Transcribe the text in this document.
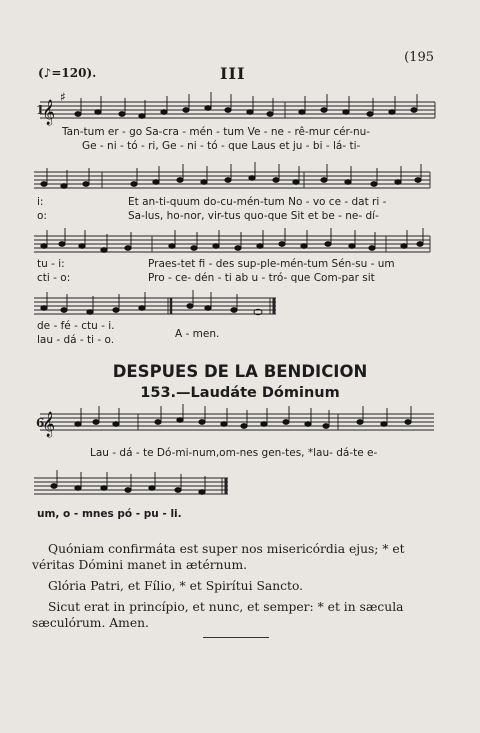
(195
(♪=120).	III
1
𝄞
♯
Tan-tum er - go Sa-cra - mén - tum Ve - ne - rê-mur cér-nu-
Ge - ni - tó - ri, Ge - ni - tó - que Laus et ju - bi - lá- ti-
i:	Et an-ti-quum do-cu-mén-tum No - vo ce - dat ri -
o:	Sa-lus, ho-nor, vir-tus quo-que Sit et be - ne- dí-
tu - i:	Praes-tet fi - des sup-ple-mén-tum Sén-su - um
cti - o:	Pro - ce- dén - ti ab u - tró- que Com-par sit
de - fé - ctu - i.
lau - dá - ti - o.	A - men.
DESPUES DE LA BENDICION
153.—Laudáte Dóminum
6
𝄞
Lau - dá - te Dó-mi-num,om-nes gen-tes, *lau- dá-te e-
um, o - mnes pó - pu - li.
Quóniam confirmáta est super nos misericórdia ejus; * et
véritas Dómini manet in ætérnum.
Glória Patri, et Fílio, * et Spirítui Sancto.
Sicut erat in princípio, et nunc, et semper: * et in sæcula
sæculórum. Amen.
